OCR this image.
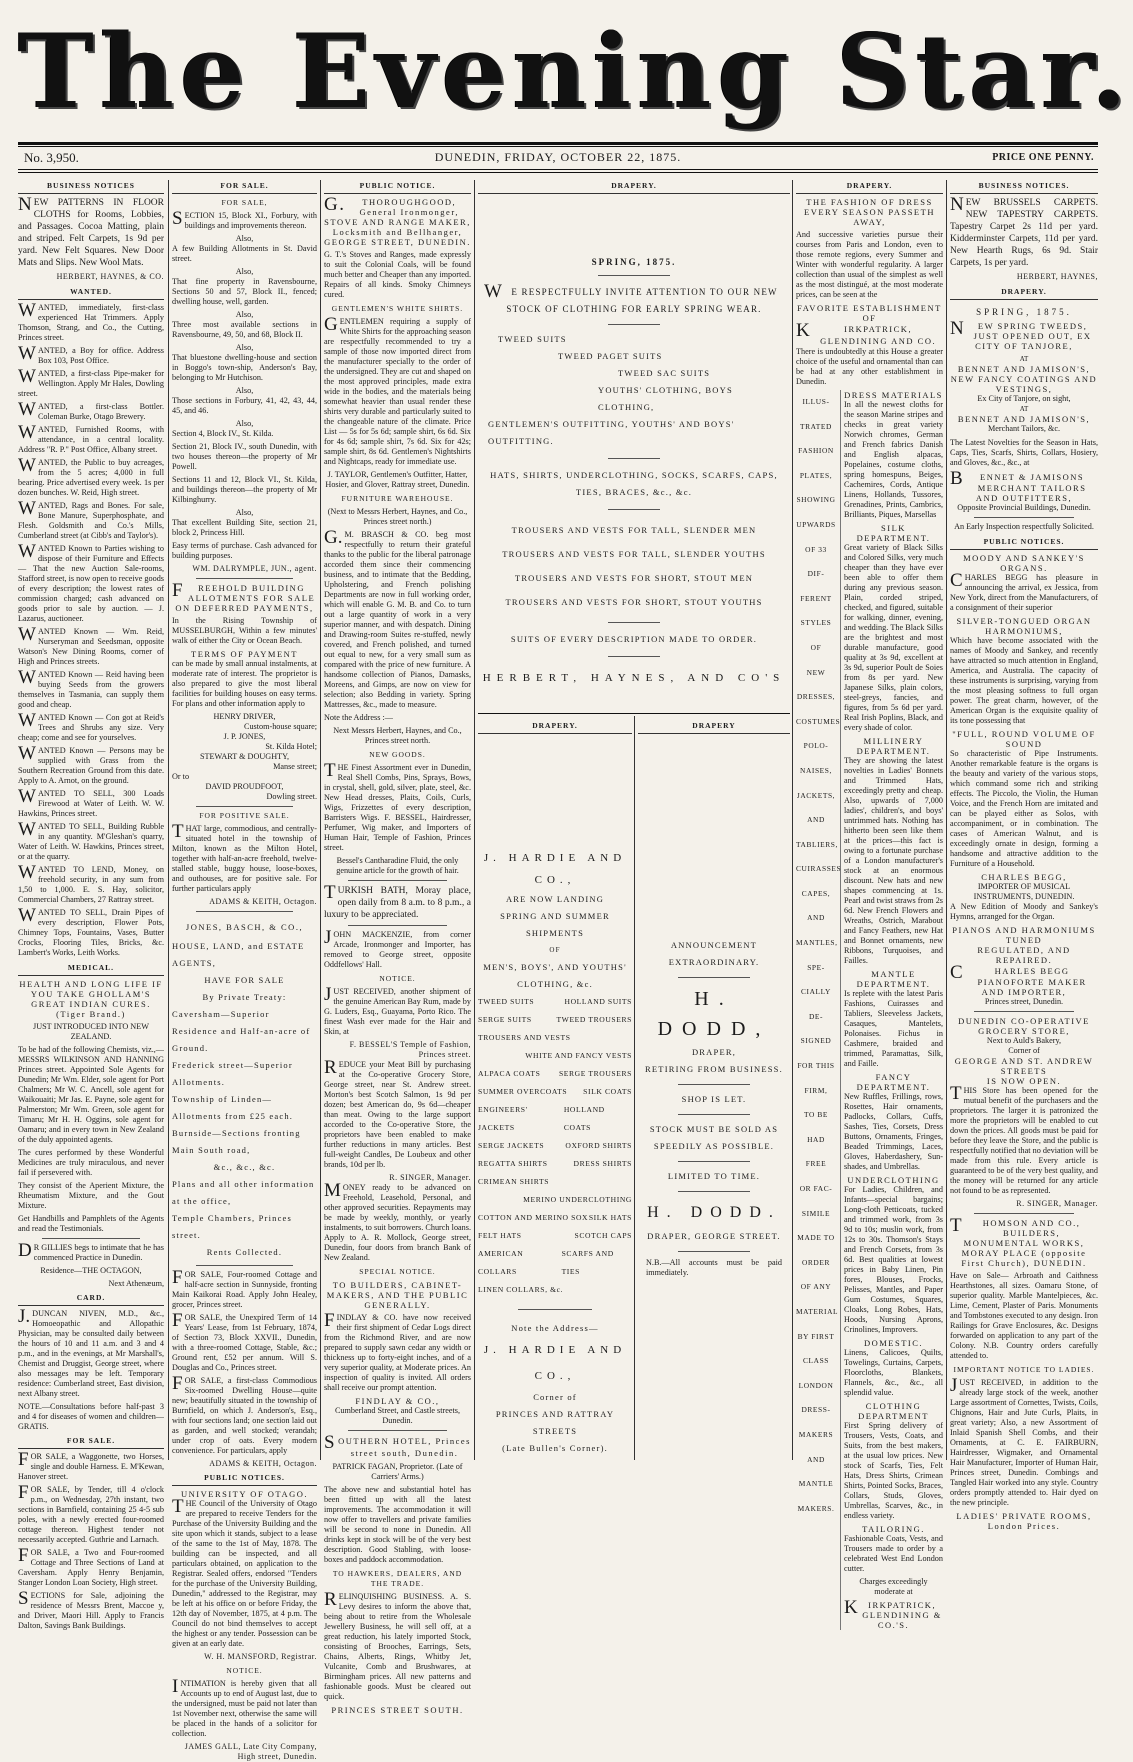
The Evening Star.
No. 3,950.	DUNEDIN, FRIDAY, OCTOBER 22, 1875.	PRICE ONE PENNY.
BUSINESS NOTICES
NEW PATTERNS IN FLOOR CLOTHS for Rooms, Lobbies, and Passages. Cocoa Matting, plain and striped. Felt Carpets, 1s 9d per yard. New Felt Squares. New Door Mats and Slips. New Wool Mats.
HERBERT, HAYNES, & CO.
WANTED.
WANTED, immediately, first-class experienced Hat Trimmers. Apply Thomson, Strang, and Co., the Cutting, Princes street.
WANTED, a Boy for office. Address Box 103, Post Office.
WANTED, a first-class Pipe-maker for Wellington. Apply Mr Hales, Dowling street.
WANTED, a first-class Bottler. Coleman Burke, Otago Brewery.
WANTED, Furnished Rooms, with attendance, in a central locality. Address "R. P." Post Office, Albany street.
WANTED, the Public to buy acreages, from the 5 acres; 4,000 in full bearing. Price advertised every week. 1s per dozen bunches. W. Reid, High street.
WANTED, Rags and Bones. For sale, Bone Manure, Superphosphate, and Flesh. Goldsmith and Co.'s Mills, Cumberland street (at Cibb's and Taylor's).
WANTED Known to Parties wishing to dispose of their Furniture and Effects — That the new Auction Sale-rooms, Stafford street, is now open to receive goods of every description; the lowest rates of commission charged; cash advanced on goods prior to sale by auction. — J. Lazarus, auctioneer.
WANTED Known — Wm. Reid, Nurseryman and Seedsman, opposite Watson's New Dining Rooms, corner of High and Princes streets.
WANTED Known — Reid having been buying Seeds from the growers themselves in Tasmania, can supply them good and cheap.
WANTED Known — Con got at Reid's Trees and Shrubs any size. Very cheap; come and see for yourselves.
WANTED Known — Persons may be supplied with Grass from the Southern Recreation Ground from this date. Apply to A. Arnot, on the ground.
WANTED TO SELL, 300 Loads Firewood at Water of Leith. W. W. Hawkins, Princes street.
WANTED TO SELL, Building Rubble in any quantity. M'Gleshan's quarry, Water of Leith. W. Hawkins, Princes street, or at the quarry.
WANTED TO LEND, Money, on freehold security, in any sum from 1,50 to 1,000. E. S. Hay, solicitor, Commercial Chambers, 27 Rattray street.
WANTED TO SELL, Drain Pipes of every description, Flower Pots, Chimney Tops, Fountains, Vases, Butter Crocks, Flooring Tiles, Bricks, &c. Lambert's Works, Leith Works.
MEDICAL.
HEALTH AND LONG LIFE IF YOU TAKE GHOLLAM'S GREAT INDIAN CURES. (Tiger Brand.)
JUST INTRODUCED INTO NEW ZEALAND.
To be had of the following Chemists, viz.,— MESSRS WILKINSON AND HANNING Princes street. Appointed Sole Agents for Dunedin; Mr Wm. Elder, sole agent for Port Chalmers; Mr W. C. Ancell, sole agent for Waikouaiti; Mr Jas. E. Payne, sole agent for Palmerston; Mr Wm. Green, sole agent for Timaru; Mr H. H. Oggins, sole agent for Oamaru; and in every town in New Zealand of the duly appointed agents.
The cures performed by these Wonderful Medicines are truly miraculous, and never fail if persevered with.
They consist of the Aperient Mixture, the Rheumatism Mixture, and the Gout Mixture.
Get Handbills and Pamphlets of the Agents and read the Testimonials.
DR GILLIES begs to intimate that he has commenced Practice in Dunedin.
Residence—THE OCTAGON,
Next Athenæum,
CARD.
J.DUNCAN NIVEN, M.D., &c., Homoeopathic and Allopathic Physician, may be consulted daily between the hours of 10 and 11 a.m. and 3 and 4 p.m., and in the evenings, at Mr Marshall's, Chemist and Druggist, George street, where also messages may be left. Temporary residence: Cumberland street, East division, next Albany street.
NOTE.—Consultations before half-past 3 and 4 for diseases of women and children—GRATIS.
FOR SALE.
FOR SALE, a Waggonette, two Horses, single and double Harness. E. M'Kewan, Hanover street.
FOR SALE, by Tender, till 4 o'clock p.m., on Wednesday, 27th instant, two sections in Barnfield, containing 25 4-5 sub poles, with a newly erected four-roomed cottage thereon. Highest tender not necessarily accepted. Guthrie and Larnach.
FOR SALE, a Two and Four-roomed Cottage and Three Sections of Land at Caversham. Apply Henry Benjamin, Stanger London Loan Society, High street.
SECTIONS for Sale, adjoining the residence of Messrs Brent, Maccoe y, and Driver, Maori Hill. Apply to Francis Dalton, Savings Bank Buildings.
FOR SALE.
FOR SALE,
SECTION 15, Block XI., Forbury, with buildings and improvements thereon.
Also,
A few Building Allotments in St. David street.
Also,
That fine property in Ravensbourne, Sections 50 and 57, Block II., fenced; dwelling house, well, garden.
Also,
Three most available sections in Ravensbourne, 49, 50, and 68, Block II.
Also,
That bluestone dwelling-house and section in Boggo's town-ship, Anderson's Bay, belonging to Mr Hutchison.
Also,
Those sections in Forbury, 41, 42, 43, 44, 45, and 46.
Also,
Section 4, Block IV., St. Kilda.
Section 21, Block IV., south Dunedin, with two houses thereon—the property of Mr Powell.
Sections 11 and 12, Block VI., St. Kilda, and buildings thereon—the property of Mr Kilbinghurry.
Also,
That excellent Building Site, section 21, block 2, Princess Hill.
Easy terms of purchase. Cash advanced for building purposes.
WM. DALRYMPLE, JUN., agent.
FREEHOLD BUILDING ALLOTMENTS FOR SALE ON DEFERRED PAYMENTS,
In the Rising Township of MUSSELBURGH, Within a few minutes' walk of either the City or Ocean Beach.
TERMS OF PAYMENT
can be made by small annual instalments, at moderate rate of interest. The proprietor is also prepared to give the most liberal facilities for building houses on easy terms. For plans and other information apply to
HENRY DRIVER,
Custom-house square;
J. P. JONES,
St. Kilda Hotel;
STEWART & DOUGHTY,
Manse street;
Or to
DAVID PROUDFOOT,
Dowling street.
FOR POSITIVE SALE.
THAT large, commodious, and centrally-situated hotel in the township of Milton, known as the Milton Hotel, together with half-an-acre freehold, twelve-stalled stable, buggy house, loose-boxes, and outhouses, are for positive sale. For further particulars apply
ADAMS & KEITH, Octagon.
JONES, BASCH, & CO.,
HOUSE, LAND, and ESTATE AGENTS,
HAVE FOR SALE
By Private Treaty:
Caversham—Superior Residence and Half-an-acre of Ground.
Frederick street—Superior Allotments.
Township of Linden—Allotments from £25 each.
Burnside—Sections fronting Main South road,
&c., &c., &c.
Plans and all other information at the office,
Temple Chambers, Princes street.
Rents Collected.
FOR SALE, Four-roomed Cottage and half-acre section in Sunnyside, fronting Main Kaikorai Road. Apply John Healey, grocer, Princes street.
FOR SALE, the Unexpired Term of 14 Years' Lease, from 1st February, 1874, of Section 73, Block XXVII., Dunedin, with a three-roomed Cottage, Stable, &c.; Ground rent, £52 per annum. Will S. Douglas and Co., Princes street.
FOR SALE, a first-class Commodious Six-roomed Dwelling House—quite new; beautifully situated in the township of Burnfield, on which J. Anderson's, Esq., with four sections land; one section laid out as garden, and well stocked; verandah; under crop of oats. Every modern convenience. For particulars, apply
ADAMS & KEITH, Octagon.
PUBLIC NOTICES.
UNIVERSITY OF OTAGO.
THE Council of the University of Otago are prepared to receive Tenders for the Purchase of the University Building and the site upon which it stands, subject to a lease of the same to the 1st of May, 1878. The building can be inspected, and all particulars obtained, on application to the Registrar. Sealed offers, endorsed "Tenders for the purchase of the University Building, Dunedin," addressed to the Registrar, may be left at his office on or before Friday, the 12th day of November, 1875, at 4 p.m. The Council do not bind themselves to accept the highest or any tender. Possession can be given at an early date.
W. H. MANSFORD, Registrar.
NOTICE.
INTIMATION is hereby given that all Accounts up to end of August last, due to the undersigned, must be paid not later than 1st November next, otherwise the same will be placed in the hands of a solicitor for collection.
JAMES GALL, Late City Company, High street, Dunedin.
PUBLIC NOTICE.
G.THOROUGHGOOD, General Ironmonger, STOVE AND RANGE MAKER, Locksmith and Bellhanger, GEORGE STREET, DUNEDIN.
G. T.'s Stoves and Ranges, made expressly to suit the Colonial Coals, will be found much better and Cheaper than any imported. Repairs of all kinds. Smoky Chimneys cured.
GENTLEMEN'S WHITE SHIRTS.
GENTLEMEN requiring a supply of White Shirts for the approaching season are respectfully recommended to try a sample of those now imported direct from the manufacturer specially to the order of the undersigned. They are cut and shaped on the most approved principles, made extra wide in the bodies, and the materials being somewhat heavier than usual render these shirts very durable and particularly suited to the changeable nature of the climate. Price List — 5s for 5s 6d; sample shirt, 6s 6d. Six for 4s 6d; sample shirt, 7s 6d. Six for 42s; sample shirt, 8s 6d. Gentlemen's Nightshirts and Nightcaps, ready for immediate use.
J. TAYLOR, Gentlemen's Outfitter, Hatter, Hosier, and Glover, Rattray street, Dunedin.
FURNITURE WAREHOUSE.
(Next to Messrs Herbert, Haynes, and Co., Princes street north.)
G.M. BRASCH & CO. beg most respectfully to return their grateful thanks to the public for the liberal patronage accorded them since their commencing business, and to intimate that the Bedding, Upholstering, and French polishing Departments are now in full working order, which will enable G. M. B. and Co. to turn out a large quantity of work in a very superior manner, and with despatch. Dining and Drawing-room Suites re-stuffed, newly covered, and French polished, and turned out equal to new, for a very small sum as compared with the price of new furniture. A handsome collection of Pianos, Damasks, Moreens, and Gimps, are now on view for selection; also Bedding in variety. Spring Mattresses, &c., made to measure.
Note the Address :—
Next Messrs Herbert, Haynes, and Co., Princes street north.
NEW GOODS.
THE Finest Assortment ever in Dunedin, Real Shell Combs, Pins, Sprays, Bows, in crystal, shell, gold, silver, plate, steel, &c. New Head dresses, Plaits, Coils, Curls, Wigs, Frizzettes of every description, Barristers Wigs. F. BESSEL, Hairdresser, Perfumer, Wig maker, and Importers of Human Hair, Temple of Fashion, Princes street.
Bessel's Cantharadine Fluid, the only genuine article for the growth of hair.
TURKISH BATH, Moray place, open daily from 8 a.m. to 8 p.m., a luxury to be appreciated.
JOHN MACKENZIE, from corner Arcade, Ironmonger and Importer, has removed to George street, opposite Oddfellows' Hall.
NOTICE.
JUST RECEIVED, another shipment of the genuine American Bay Rum, made by G. Luders, Esq., Guayama, Porto Rico. The finest Wash ever made for the Hair and Skin, at
F. BESSEL'S Temple of Fashion, Princes street.
REDUCE your Meat Bill by purchasing at the Co-operative Grocery Store, George street, near St. Andrew street. Morton's best Scotch Salmon, 1s 9d per dozen; best American do, 9s 6d—cheaper than meat. Owing to the large support accorded to the Co-operative Store, the proprietors have been enabled to make further reductions in many articles. Best full-weight Candles, De Loubeux and other brands, 10d per lb.
R. SINGER, Manager.
MONEY ready to be advanced on Freehold, Leasehold, Personal, and other approved securities. Repayments may be made by weekly, monthly, or yearly instalments, to suit borrowers. Church loans. Apply to A. R. Mollock, George street, Dunedin, four doors from branch Bank of New Zealand.
SPECIAL NOTICE.
TO BUILDERS, CABINET-MAKERS, AND THE PUBLIC GENERALLY.
FINDLAY & CO. have now received their first shipment of Cedar Logs direct from the Richmond River, and are now prepared to supply sawn cedar any width or thickness up to forty-eight inches, and of a very superior quality, at Moderate prices. An inspection of quality is invited. All orders shall receive our prompt attention.
FINDLAY & CO.,
Cumberland Street, and Castle streets, Dunedin.
SOUTHERN HOTEL, Princes street south, Dunedin.
PATRICK FAGAN, Proprietor. (Late of Carriers' Arms.)
The above new and substantial hotel has been fitted up with all the latest improvements. The accommodation it will now offer to travellers and private families will be second to none in Dunedin. All drinks kept in stock will be of the very best description. Good Stabling, with loose-boxes and paddock accommodation.
TO HAWKERS, DEALERS, AND THE TRADE.
RELINQUISHING BUSINESS. A. S. Levy desires to inform the above that, being about to retire from the Wholesale Jewellery Business, he will sell off, at a great reduction, his lately imported Stock, consisting of Brooches, Earrings, Sets, Chains, Alberts, Rings, Whitby Jet, Vulcanite, Comb and Brushwares, at Birmingham prices. All new patterns and fashionable goods. Must be cleared out quick.
PRINCES STREET SOUTH.
DRAPERY.
SPRING, 1875.
WE RESPECTFULLY INVITE ATTENTION TO OUR NEW STOCK OF CLOTHING FOR EARLY SPRING WEAR.
TWEED SUITS
TWEED PAGET SUITS
TWEED SAC SUITS
YOUTHS' CLOTHING, BOYS CLOTHING,
GENTLEMEN'S OUTFITTING, YOUTHS' AND BOYS' OUTFITTING.
HATS, SHIRTS, UNDERCLOTHING, SOCKS, SCARFS, CAPS, TIES, BRACES, &c., &c.
TROUSERS AND VESTS FOR TALL, SLENDER MEN
TROUSERS AND VESTS FOR TALL, SLENDER YOUTHS
TROUSERS AND VESTS FOR SHORT, STOUT MEN
TROUSERS AND VESTS FOR SHORT, STOUT YOUTHS
SUITS OF EVERY DESCRIPTION MADE TO ORDER.
HERBERT, HAYNES, AND CO'S
DRAPERY.
J. HARDIE AND CO.,
ARE NOW LANDING
SPRING AND SUMMER SHIPMENTS
OF
MEN'S, BOYS', AND YOUTHS'
CLOTHING, &c.
TWEED SUITS	HOLLAND SUITS
SERGE SUITS	TWEED TROUSERS
TROUSERS AND VESTS
WHITE AND FANCY VESTS
ALPACA COATS SERGE TROUSERS
SUMMER OVERCOATS SILK COATS
ENGINEERS' JACKETS
HOLLAND COATS
SERGE JACKETS	OXFORD SHIRTS
REGATTA SHIRTS	DRESS SHIRTS
CRIMEAN SHIRTS
MERINO UNDERCLOTHING
COTTON AND MERINO SOX SILK HATS
FELT HATS	SCOTCH CAPS
AMERICAN COLLARS
SCARFS AND TIES
LINEN COLLARS, &c.
Note the Address—
J. HARDIE AND CO.,
Corner of
PRINCES AND RATTRAY STREETS
(Late Bullen's Corner).
DRAPERY
ANNOUNCEMENT EXTRAORDINARY.
H. DODD,
DRAPER,
RETIRING FROM BUSINESS.
SHOP IS LET.
STOCK MUST BE SOLD AS SPEEDILY AS POSSIBLE.
LIMITED TO TIME.
H. DODD.
DRAPER, GEORGE STREET.
N.B.—All accounts must be paid immediately.
DRAPERY.
THE FASHION OF DRESS EVERY SEASON PASSETH AWAY,
And successive varieties pursue their courses from Paris and London, even to those remote regions, every Summer and Winter with wonderful regularity. A larger collection than usual of the simplest as well as the most distingué, at the most moderate prices, can be seen at the
FAVORITE ESTABLISHMENT OF
KIRKPATRICK, GLENDINING AND CO.
There is undoubtedly at this House a greater choice of the useful and ornamental than can be had at any other establishment in Dunedin.
ILLUS-
TRATED
FASHION
PLATES,
SHOWING
UPWARDS
OF 33
DIF-
FERENT
STYLES
OF
NEW
DRESSES,
COSTUMES
POLO-
NAISES,
JACKETS,
AND
TABLIERS,
CUIRASSES
CAPES,
AND
MANTLES,
SPE-
CIALLY
DE-
SIGNED
FOR THIS
FIRM,
TO BE
HAD
FREE
OR FAC-
SIMILE
MADE TO
ORDER
OF ANY
MATERIAL
BY FIRST
CLASS
LONDON
DRESS-
MAKERS
AND
MANTLE
MAKERS.
DRESS MATERIALS
In all the newest cloths for the season Marine stripes and checks in great variety Norwich chromes, German and French fabrics Danish and English alpacas, Popelaines, costume cloths, spring homespuns, Beiges, Cachemires, Cords, Antique Linens, Hollands, Tussores, Grenadines, Prints, Cambrics, Brilliants, Piques, Marsellas
SILK DEPARTMENT.
Great variety of Black Silks and Colored Silks, very much cheaper than they have ever been able to offer them during any previous season. Plain, corded striped, checked, and figured, suitable for walking, dinner, evening, and wedding. The Black Silks are the brightest and most durable manufacture, good quality at 3s 9d, excellent at 3s 9d, superior Poult de Soies from 8s per yard. New Japanese Silks, plain colors, steel-greys, fancies, and figures, from 5s 6d per yard. Real Irish Poplins, Black, and every shade of color.
MILLINERY DEPARTMENT.
They are showing the latest novelties in Ladies' Bonnets and Trimmed Hats, exceedingly pretty and cheap. Also, upwards of 7,000 ladies', children's, and boys' untrimmed hats. Nothing has hitherto been seen like them at the prices—this fact is owing to a fortunate purchase of a London manufacturer's stock at an enormous discount. New hats and new shapes commencing at 1s. Pearl and twist straws from 2s 6d. New French Flowers and Wreaths, Ostrich, Marabout and Fancy Feathers, new Hat and Bonnet ornaments, new Ribbons, Turquoises, and Failles.
MANTLE DEPARTMENT.
Is replete with the latest Paris Fashions, Cuirasses and Tabliers, Sleeveless Jackets, Casaques, Mantelets, Polonaises. Fichus in Cashmere, braided and trimmed, Paramattas, Silk, and Faille.
FANCY DEPARTMENT.
New Ruffles, Frillings, rows, Rosettes, Hair ornaments, Padlocks, Collars, Cuffs, Sashes, Ties, Corsets, Dress Buttons, Ornaments, Fringes, Beaded Trimmings, Laces, Gloves, Haberdashery, Sun-shades, and Umbrellas.
UNDERCLOTHING
For Ladies, Children, and Infants—special bargains; Long-cloth Petticoats, tucked and trimmed work, from 3s 9d to 10s; muslin work, from 12s to 30s. Thomson's Stays and French Corsets, from 3s 6d. Best qualities at lowest prices in Baby Linen, Pin fores, Blouses, Frocks, Pelisses, Mantles, and Paper Gum Costumes, Squares, Cloaks, Long Robes, Hats, Hoods, Nursing Aprons, Crinolines, Improvers.
DOMESTIC.
Linens, Calicoes, Quilts, Towelings, Curtains, Carpets, Floorcloths, Blankets, Flannels, &c., &c., all splendid value.
CLOTHING DEPARTMENT
First Spring delivery of Trousers, Vests, Coats, and Suits, from the best makers, at the usual low prices. New stock of Scarfs, Ties, Felt Hats, Dress Shirts, Crimean Shirts, Pointed Socks, Braces, Collars, Studs, Gloves, Umbrellas, Scarves, &c., in endless variety.
TAILORING.
Fashionable Coats, Vests, and Trousers made to order by a celebrated West End London cutter.
Charges exceedingly moderate at
KIRKPATRICK, GLENDINING & CO.'S.
BUSINESS NOTICES.
NEW BRUSSELS CARPETS. NEW TAPESTRY CARPETS. Tapestry Carpet 2s 11d per yard. Kidderminster Carpets, 11d per yard. New Hearth Rugs, 6s 9d. Stair Carpets, 1s per yard.
HERBERT, HAYNES,
DRAPERY.
SPRING, 1875.
NEW SPRING TWEEDS, JUST OPENED OUT, EX CITY OF TANJORE,
AT
BENNET AND JAMISON'S,
NEW FANCY COATINGS AND VESTINGS,
Ex City of Tanjore, on sight,
AT
BENNET AND JAMISON'S,
Merchant Tailors, &c.
The Latest Novelties for the Season in Hats, Caps, Ties, Scarfs, Shirts, Collars, Hosiery, and Gloves, &c., &c., at
BENNET & JAMISONS
MERCHANT TAILORS AND OUTFITTERS,
Opposite Provincial Buildings, Dunedin.
An Early Inspection respectfully Solicited.
PUBLIC NOTICES.
MOODY AND SANKEY'S ORGANS.
CHARLES BEGG has pleasure in announcing the arrival, ex Jessica, from New York, direct from the Manufacturers, of a consignment of their superior
SILVER-TONGUED ORGAN HARMONIUMS,
Which have become associated with the names of Moody and Sankey, and recently have attracted so much attention in England, America, and Australia. The capacity of these instruments is surprising, varying from the most pleasing softness to full organ power. The great charm, however, of the American Organ is the exquisite quality of its tone possessing that
"FULL, ROUND VOLUME OF SOUND
So characteristic of Pipe Instruments. Another remarkable feature is the organs is the beauty and variety of the various stops, which command some rich and striking effects. The Piccolo, the Violin, the Human Voice, and the French Horn are imitated and can be played either as Solos, with accompaniment, or in combination. The cases of American Walnut, and is exceedingly ornate in design, forming a handsome and attractive addition to the Furniture of a Household.
CHARLES BEGG,
IMPORTER OF MUSICAL INSTRUMENTS, DUNEDIN.
A New Edition of Moody and Sankey's Hymns, arranged for the Organ.
PIANOS AND HARMONIUMS TUNED
REGULATED, AND REPAIRED.
CHARLES BEGG
PIANOFORTE MAKER AND IMPORTER,
Princes street, Dunedin.
DUNEDIN CO-OPERATIVE GROCERY STORE,
Next to Auld's Bakery,
Corner of
GEORGE AND ST. ANDREW STREETS
IS NOW OPEN.
THIS Store has been opened for the mutual benefit of the purchasers and the proprietors. The larger it is patronized the more the proprietors will be enabled to cut down the prices. All goods must be paid for before they leave the Store, and the public is respectfully notified that no deviation will be made from this rule. Every article is guaranteed to be of the very best quality, and the money will be returned for any article not found to be as represented.
R. SINGER, Manager.
THOMSON AND CO., BUILDERS, MONUMENTAL WORKS, MORAY PLACE (opposite First Church), DUNEDIN.
Have on Sale— Arbroath and Caithness Hearthstones, all sizes. Oamaru Stone, of superior quality. Marble Mantelpieces, &c. Lime, Cement, Plaster of Paris. Monuments and Tombstones executed to any design. Iron Railings for Grave Enclosures, &c. Designs forwarded on application to any part of the Colony. N.B. Country orders carefully attended to.
IMPORTANT NOTICE TO LADIES.
JUST RECEIVED, in addition to the already large stock of the week, another Large assortment of Cornettes, Twists, Coils, Chignons, Hair and Jute Curls, Plaits, in great variety; Also, a new Assortment of Inlaid Spanish Shell Combs, and their Ornaments, at C. E. FAIRBURN, Hairdresser, Wigmaker, and Ornamental Hair Manufacturer, Importer of Human Hair, Princes street, Dunedin. Combings and Tangled Hair worked into any style. Country orders promptly attended to. Hair dyed on the new principle.
LADIES' PRIVATE ROOMS, London Prices.
